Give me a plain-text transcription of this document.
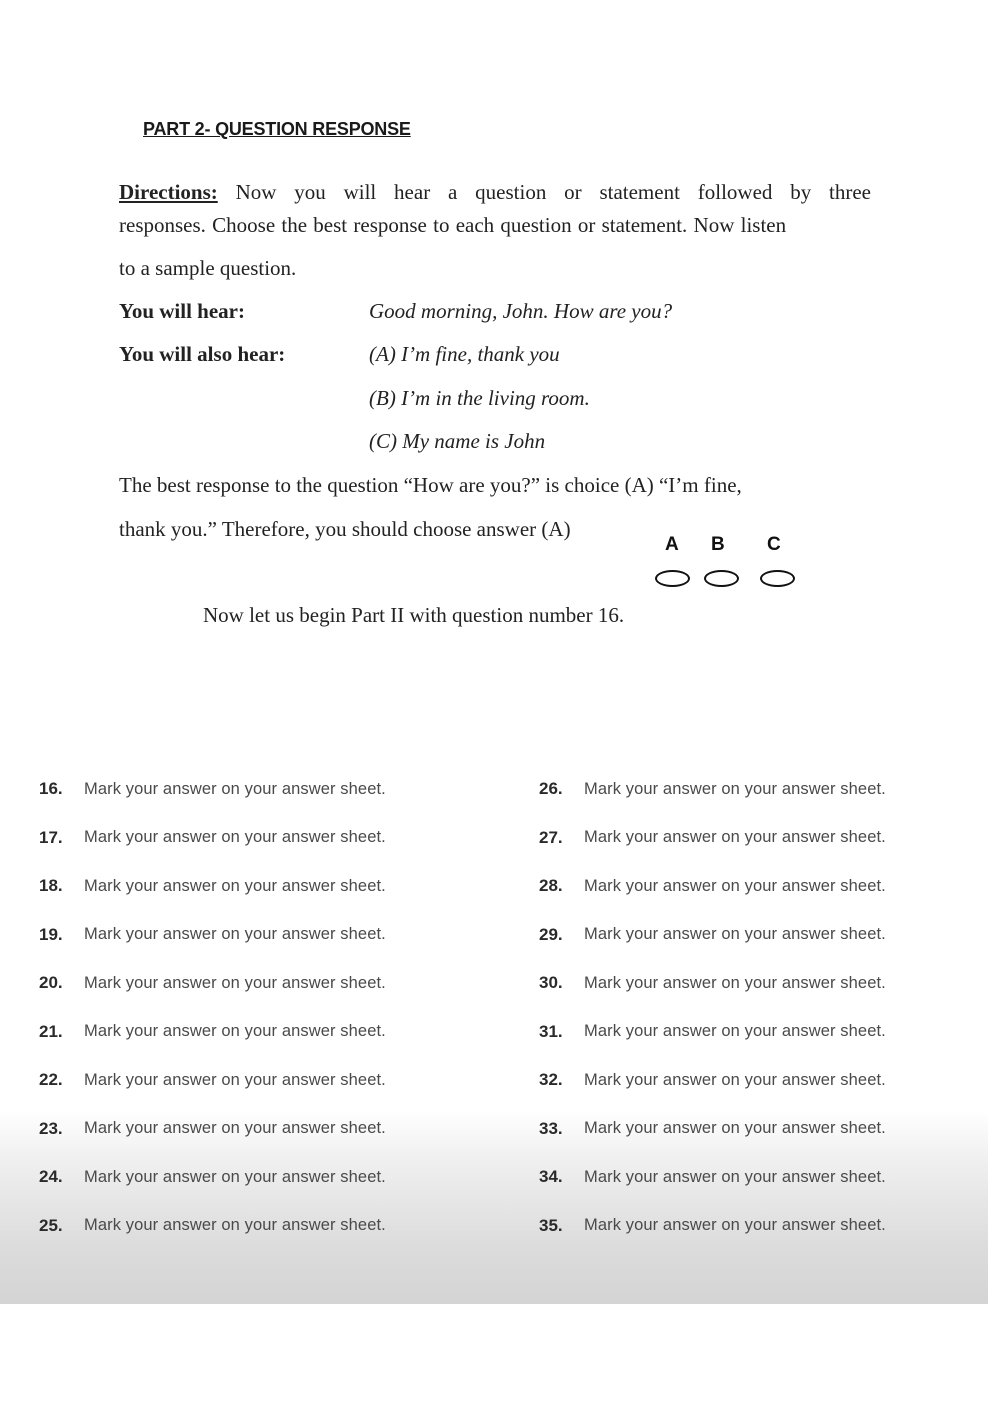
PART 2- QUESTION RESPONSE
Directions: Now you will hear a question or statement followed by three
responses. Choose the best response to each question or statement. Now listen
to a sample question.
You will hear:	Good morning, John. How are you?
You will also hear:	(A) I’m fine, thank you
(B) I’m in the living room.
(C) My name is John
The best response to the question “How are you?” is choice (A) “I’m fine,
thank you.” Therefore, you should choose answer (A)
A B C
Now let us begin Part II with question number 16.
16.	Mark your answer on your answer sheet.
17.	Mark your answer on your answer sheet.
18.	Mark your answer on your answer sheet.
19.	Mark your answer on your answer sheet.
20.	Mark your answer on your answer sheet.
21.	Mark your answer on your answer sheet.
22.	Mark your answer on your answer sheet.
23.	Mark your answer on your answer sheet.
24.	Mark your answer on your answer sheet.
25.	Mark your answer on your answer sheet.
26.	Mark your answer on your answer sheet.
27.	Mark your answer on your answer sheet.
28.	Mark your answer on your answer sheet.
29.	Mark your answer on your answer sheet.
30.	Mark your answer on your answer sheet.
31.	Mark your answer on your answer sheet.
32.	Mark your answer on your answer sheet.
33.	Mark your answer on your answer sheet.
34.	Mark your answer on your answer sheet.
35.	Mark your answer on your answer sheet.
